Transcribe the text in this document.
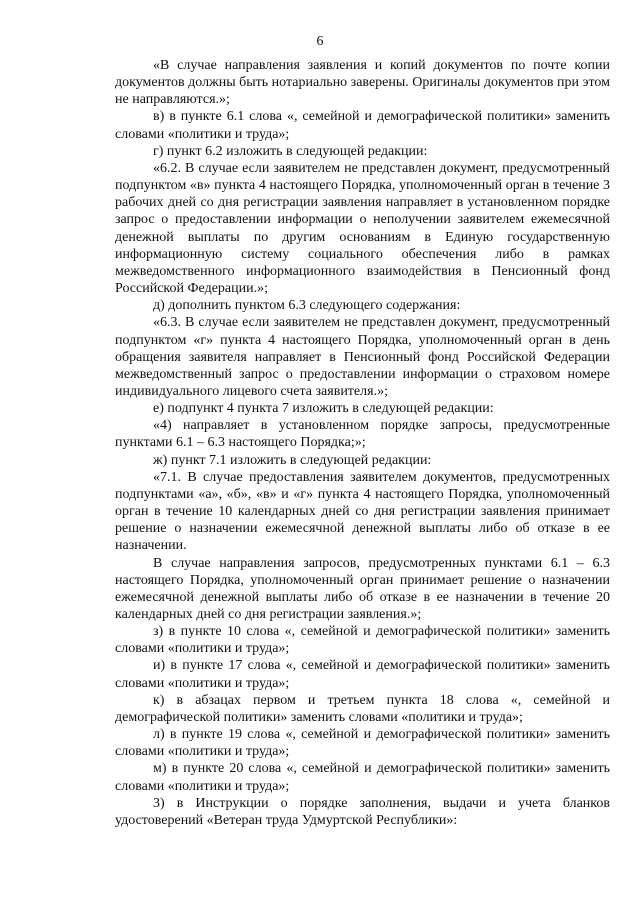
6

«В случае направления заявления и копий документов по почте копии документов должны быть нотариально заверены. Оригиналы документов при этом не направляются.»;

в) в пункте 6.1 слова «, семейной и демографической политики» заменить словами «политики и труда»;

г) пункт 6.2 изложить в следующей редакции:

«6.2. В случае если заявителем не представлен документ, предусмотренный подпунктом «в» пункта 4 настоящего Порядка, уполномоченный орган в течение 3 рабочих дней со дня регистрации заявления направляет в установленном порядке запрос о предоставлении информации о неполучении заявителем ежемесячной денежной выплаты по другим основаниям в Единую государственную информационную систему социального обеспечения либо в рамках межведомственного информационного взаимодействия в Пенсионный фонд Российской Федерации.»;

д) дополнить пунктом 6.3 следующего содержания:

«6.3. В случае если заявителем не представлен документ, предусмотренный подпунктом «г» пункта 4 настоящего Порядка, уполномоченный орган в день обращения заявителя направляет в Пенсионный фонд Российской Федерации межведомственный запрос о предоставлении информации о страховом номере индивидуального лицевого счета заявителя.»;

е) подпункт 4 пункта 7 изложить в следующей редакции:

«4) направляет в установленном порядке запросы, предусмотренные пунктами 6.1 – 6.3 настоящего Порядка;»;

ж) пункт 7.1 изложить в следующей редакции:

«7.1. В случае предоставления заявителем документов, предусмотренных подпунктами «а», «б», «в» и «г» пункта 4 настоящего Порядка, уполномоченный орган в течение 10 календарных дней со дня регистрации заявления принимает решение о назначении ежемесячной денежной выплаты либо об отказе в ее назначении.

В случае направления запросов, предусмотренных пунктами 6.1 – 6.3 настоящего Порядка, уполномоченный орган принимает решение о назначении ежемесячной денежной выплаты либо об отказе в ее назначении в течение 20 календарных дней со дня регистрации заявления.»;

з) в пункте 10 слова «, семейной и демографической политики» заменить словами «политики и труда»;

и) в пункте 17 слова «, семейной и демографической политики» заменить словами «политики и труда»;

к) в абзацах первом и третьем пункта 18 слова «, семейной и демографической политики» заменить словами «политики и труда»;

л) в пункте 19 слова «, семейной и демографической политики» заменить словами «политики и труда»;

м) в пункте 20 слова «, семейной и демографической политики» заменить словами «политики и труда»;

3) в Инструкции о порядке заполнения, выдачи и учета бланков удостоверений «Ветеран труда Удмуртской Республики»:
